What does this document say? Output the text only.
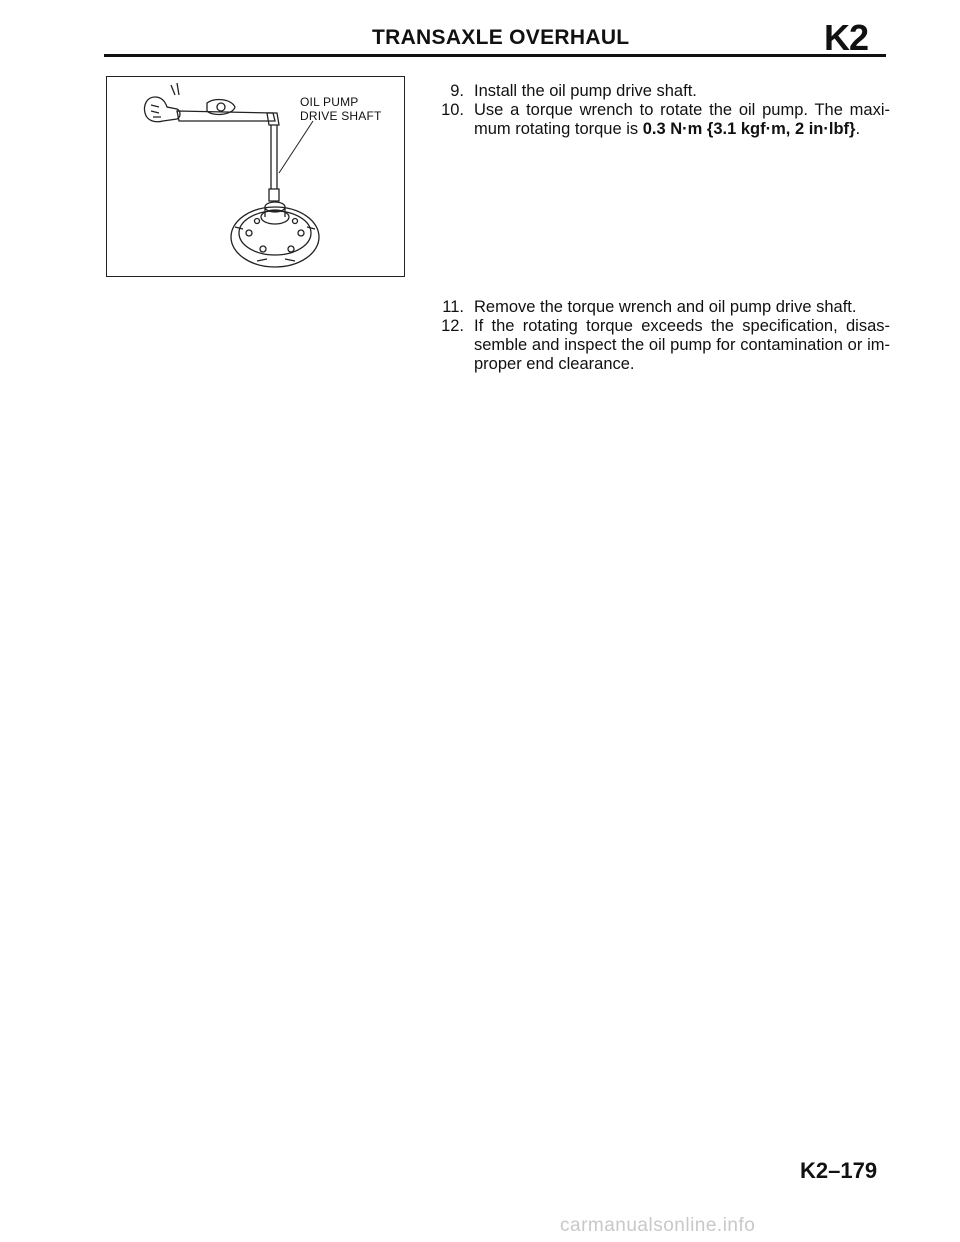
TRANSAXLE OVERHAUL	K2
OIL PUMP
DRIVE SHAFT
9. Install the oil pump drive shaft.
10. Use a torque wrench to rotate the oil pump. The maxi-mum rotating torque is 0.3 N·m {3.1 kgf·m, 2 in·lbf}.
11. Remove the torque wrench and oil pump drive shaft.
12. If the rotating torque exceeds the specification, disas-semble and inspect the oil pump for contamination or im-proper end clearance.
K2–179
carmanualsonline.info
